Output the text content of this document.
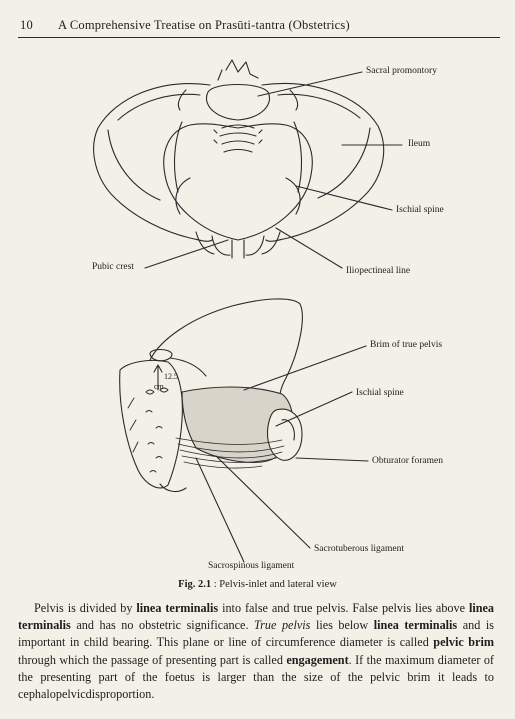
10 A Comprehensive Treatise on Prasūti-tantra (Obstetrics)
Sacral promontory
Ileum
Ischial spine
Pubic crest	Iliopectineal line
Brim of true pelvis
Ischial spine
12.5
cm
Obturator foramen
Sacrotuberous ligament
Sacrospinous ligament
Fig. 2.1 : Pelvis-inlet and lateral view
Pelvis is divided by linea terminalis into false and true pelvis. False pelvis lies above linea terminalis and has no obstetric significance. True pelvis lies below linea terminalis and is important in child bearing. This plane or line of circumference diameter is called pelvic brim through which the passage of presenting part is called engagement. If the maximum diameter of the presenting part of the foetus is larger than the size of the pelvic brim it leads to cephalopelvicdisproportion.
